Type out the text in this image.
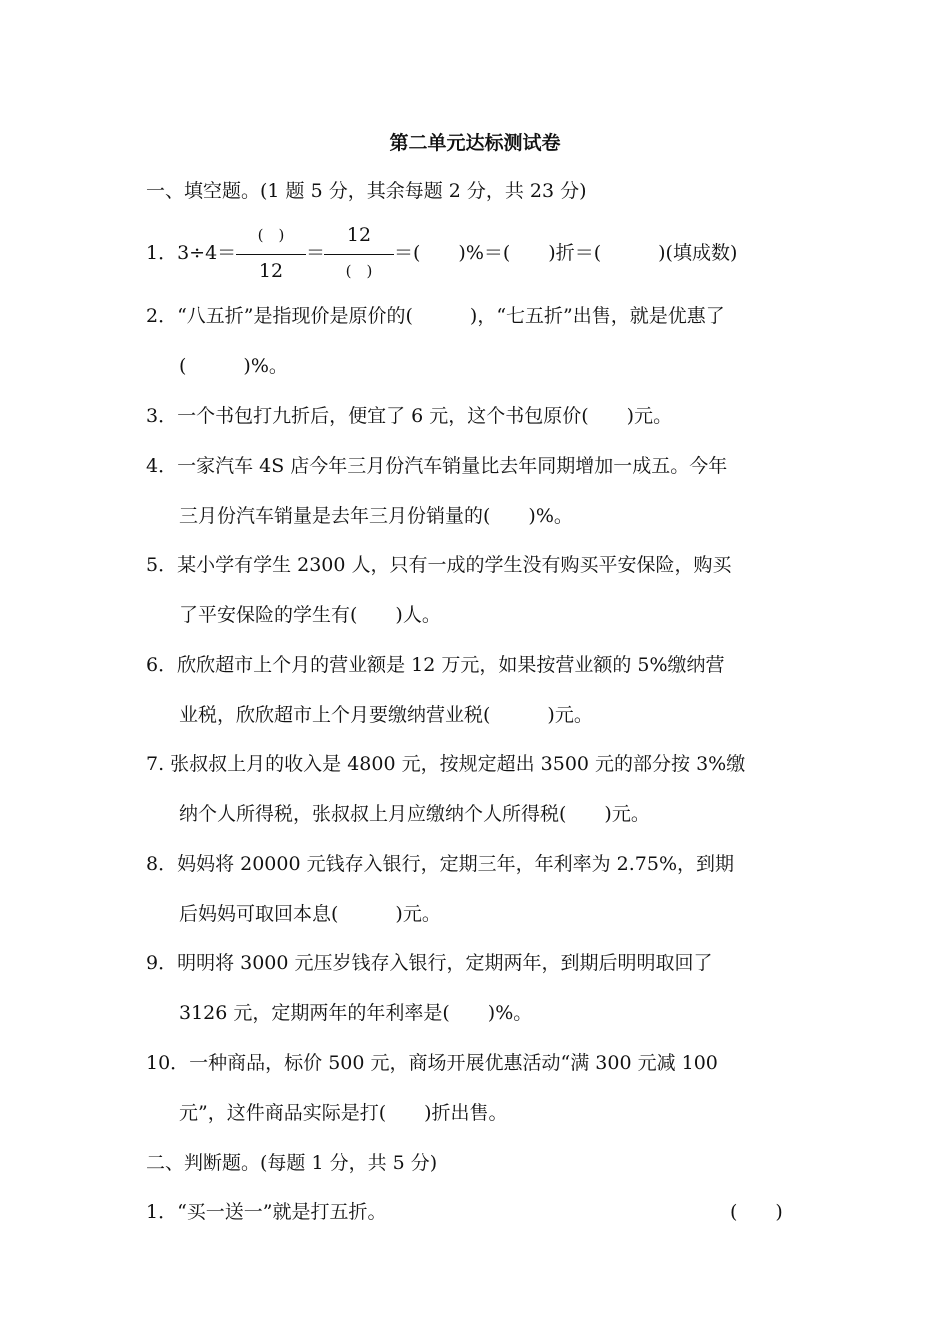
第二单元达标测试卷
一、填空题。(1 题 5 分，其余每题 2 分，共 23 分)
1．3÷4＝
(　)
12
＝
12
(　)
＝(　　)%＝(　　)折＝(　　　)(填成数)
2．“八五折”是指现价是原价的(　　　)，“七五折”出售，就是优惠了
(　　　)%。
3．一个书包打九折后，便宜了 6 元，这个书包原价(　　)元。
4．一家汽车 4S 店今年三月份汽车销量比去年同期增加一成五。今年
三月份汽车销量是去年三月份销量的(　　)%。
5．某小学有学生 2300 人，只有一成的学生没有购买平安保险，购买
了平安保险的学生有(　　)人。
6．欣欣超市上个月的营业额是 12 万元，如果按营业额的 5%缴纳营
业税，欣欣超市上个月要缴纳营业税(　　　)元。
7. 张叔叔上月的收入是 4800 元，按规定超出 3500 元的部分按 3%缴
纳个人所得税，张叔叔上月应缴纳个人所得税(　　)元。
8．妈妈将 20000 元钱存入银行，定期三年，年利率为 2.75%，到期
后妈妈可取回本息(　　　)元。
9．明明将 3000 元压岁钱存入银行，定期两年，到期后明明取回了
3126 元，定期两年的年利率是(　　)%。
10．一种商品，标价 500 元，商场开展优惠活动“满 300 元减 100
元”，这件商品实际是打(　　)折出售。
二、判断题。(每题 1 分，共 5 分)
1．“买一送一”就是打五折。	(　　)
